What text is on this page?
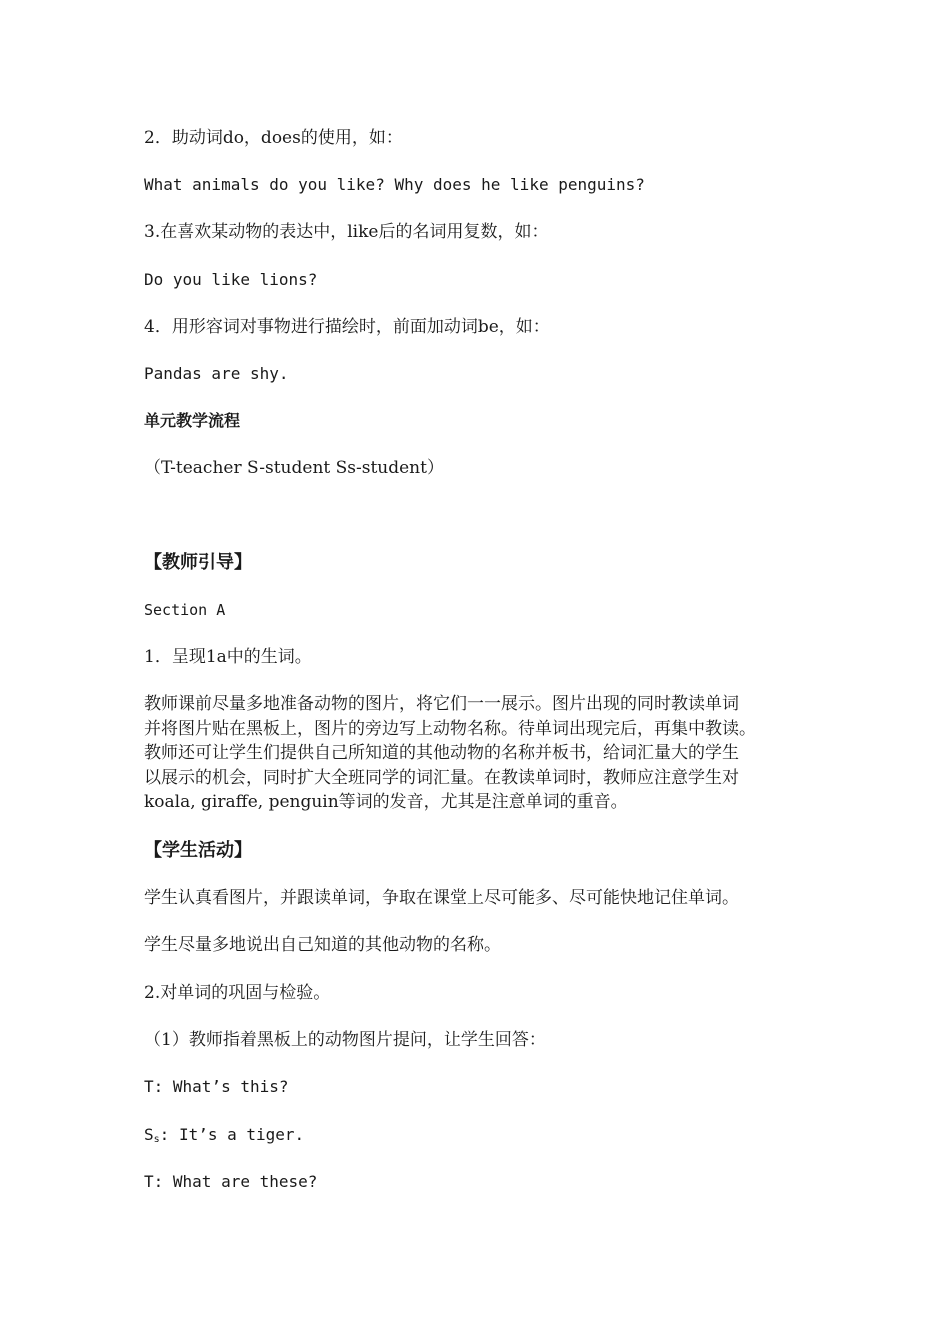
2．助动词do，does的使用，如：

What animals do you like? Why does he like penguins?

3.在喜欢某动物的表达中，like后的名词用复数，如：

Do you like lions?

4．用形容词对事物进行描绘时，前面加动词be，如：

Pandas are shy.

单元教学流程

（T-teacher S-student Ss-student）

【教师引导】

Section A

1．呈现1a中的生词。

教师课前尽量多地准备动物的图片，将它们一一展示。图片出现的同时教读单词
并将图片贴在黑板上，图片的旁边写上动物名称。待单词出现完后，再集中教读。
教师还可让学生们提供自己所知道的其他动物的名称并板书，给词汇量大的学生
以展示的机会，同时扩大全班同学的词汇量。在教读单词时，教师应注意学生对
koala, giraffe, penguin等词的发音，尤其是注意单词的重音。

【学生活动】

学生认真看图片，并跟读单词，争取在课堂上尽可能多、尽可能快地记住单词。

学生尽量多地说出自己知道的其他动物的名称。

2.对单词的巩固与检验。

（1）教师指着黑板上的动物图片提问，让学生回答：

T: What’s this?

$S_s$: It’s a tiger.

T: What are these?
